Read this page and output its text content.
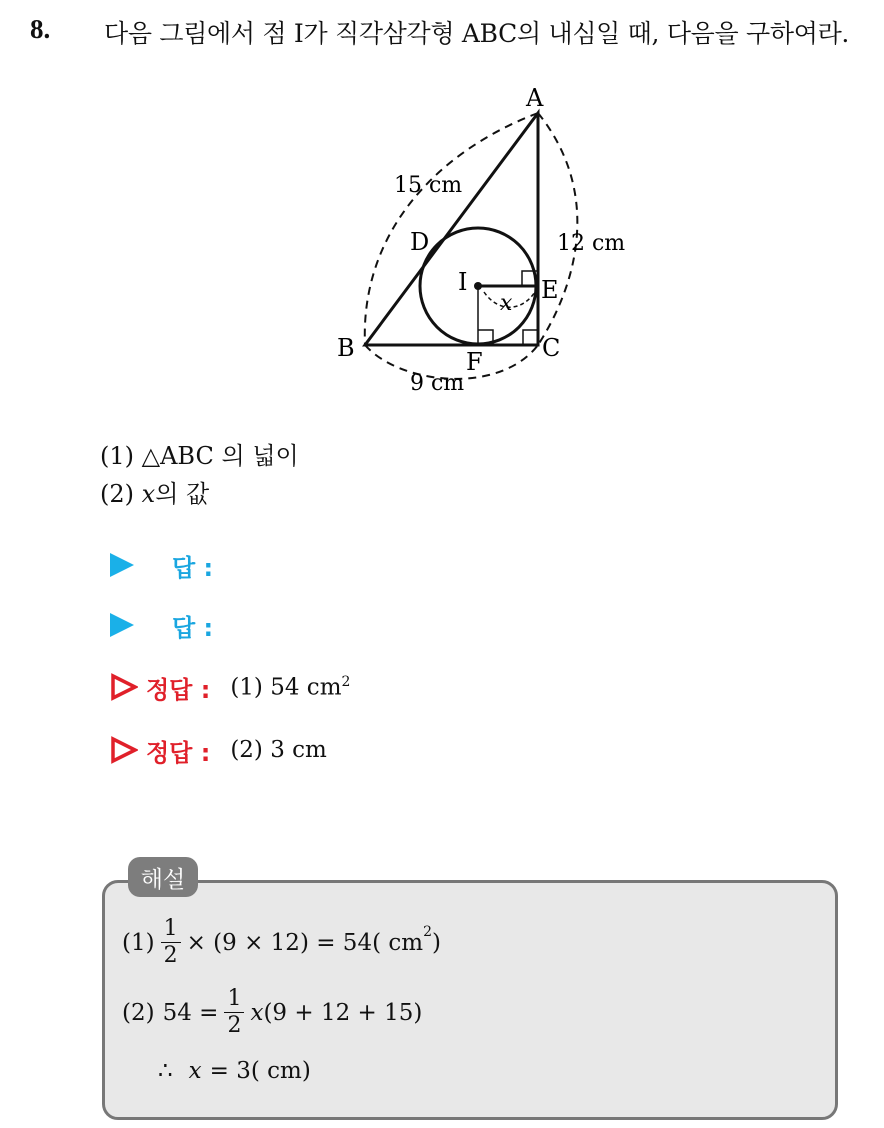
8. 다음 그림에서 점 I가 직각삼각형 ABC의 내심일 때, 다음을 구하여라.
A
B	C
D
E
F
I
x
15 cm
12 cm
9 cm
(1) △ABC 의 넓이
(2) x의 값
답 :
답 :
정답 : (1) 54 $cm^2$
정답 : (2) 3 cm
해설
$(1) \frac{1}{2} \times (9 \times 12) = 54$( $cm^2$ )
(2) $54 = \frac{1}{2}$ x (9 + 12 + 15)
∴ x = 3( cm)
